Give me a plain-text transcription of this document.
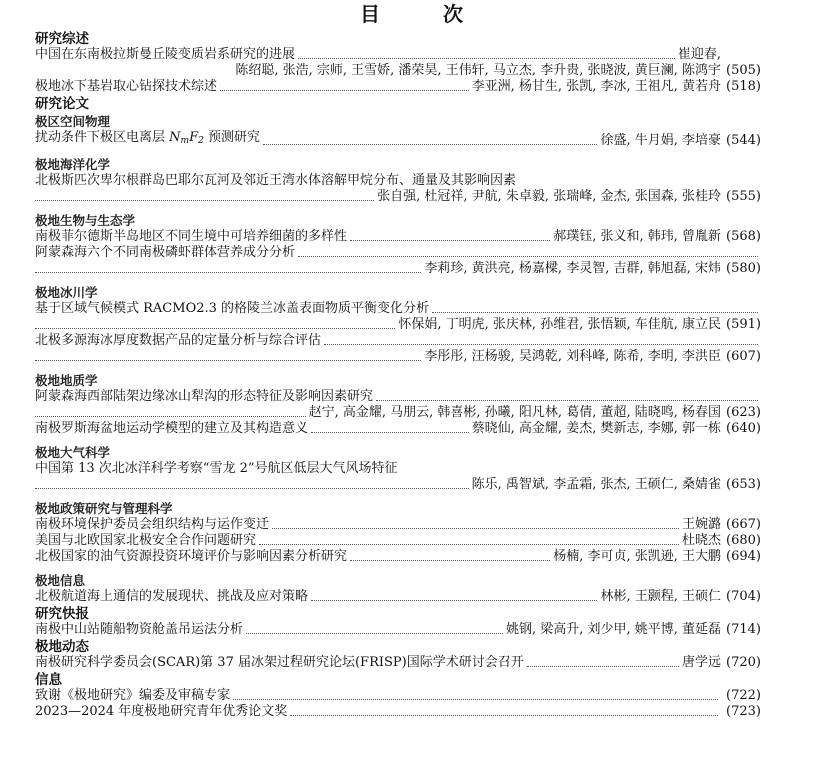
目 次
研究综述
中国在东南极拉斯曼丘陵变质岩系研究的进展	崔迎春,
陈绍聪, 张浩, 宗师, 王雪娇, 潘荣昊, 王伟轩, 马立杰, 李升贵, 张晓波, 黄巨澜, 陈鸿宇 (505)
极地冰下基岩取心钻探技术综述	李亚洲, 杨甘生, 张凯, 李冰, 王祖凡, 黄若舟 (518)
研究论文
极区空间物理
扰动条件下极区电离层 $N_mF_2$ 预测研究	徐盛, 牛月娟, 李培豪 (544)
极地海洋化学
北极斯匹次卑尔根群岛巴耶尔瓦河及邻近王湾水体溶解甲烷分布、通量及其影响因素
张自强, 杜冠祥, 尹航, 朱卓毅, 张瑞峰, 金杰, 张国森, 张桂玲 (555)
极地生物与生态学
南极菲尔德斯半岛地区不同生境中可培养细菌的多样性	郝璞钰, 张义和, 韩玮, 曾胤新 (568)
阿蒙森海六个不同南极磷虾群体营养成分分析
李莉珍, 黄洪亮, 杨嘉樑, 李灵智, 吉群, 韩旭磊, 宋炜 (580)
极地冰川学
基于区域气候模式 RACMO2.3 的格陵兰冰盖表面物质平衡变化分析
怀保娟, 丁明虎, 张庆林, 孙维君, 张悟颖, 车佳航, 康立民 (591)
北极多源海冰厚度数据产品的定量分析与综合评估
李彤彤, 汪杨骏, 吴鸿乾, 刘科峰, 陈希, 李明, 李洪臣 (607)
极地地质学
阿蒙森海西部陆架边缘冰山犁沟的形态特征及影响因素研究
赵宁, 高金耀, 马朋云, 韩喜彬, 孙曦, 阳凡林, 葛倩, 董超, 陆晓鸣, 杨春国 (623)
南极罗斯海盆地运动学模型的建立及其构造意义	蔡晓仙, 高金耀, 姜杰, 樊新志, 李娜, 郭一栋 (640)
极地大气科学
中国第 13 次北冰洋科学考察“雪龙 2”号航区低层大气风场特征
陈乐, 禹智斌, 李孟霜, 张杰, 王硕仁, 桑婧雀 (653)
极地政策研究与管理科学
南极环境保护委员会组织结构与运作变迁	王婉潞 (667)
美国与北欧国家北极安全合作问题研究	杜晓杰 (680)
北极国家的油气资源投资环境评价与影响因素分析研究	杨楠, 李可贞, 张凯逊, 王大鹏 (694)
极地信息
北极航道海上通信的发展现状、挑战及应对策略	林彬, 王颢程, 王硕仁 (704)
研究快报
南极中山站随船物资舱盖吊运法分析	姚钢, 梁高升, 刘少甲, 姚平博, 董延磊 (714)
极地动态
南极研究科学委员会(SCAR)第 37 届冰架过程研究论坛(FRISP)国际学术研讨会召开	唐学远 (720)
信息
致谢《极地研究》编委及审稿专家	(722)
2023—2024 年度极地研究青年优秀论文奖	(723)
